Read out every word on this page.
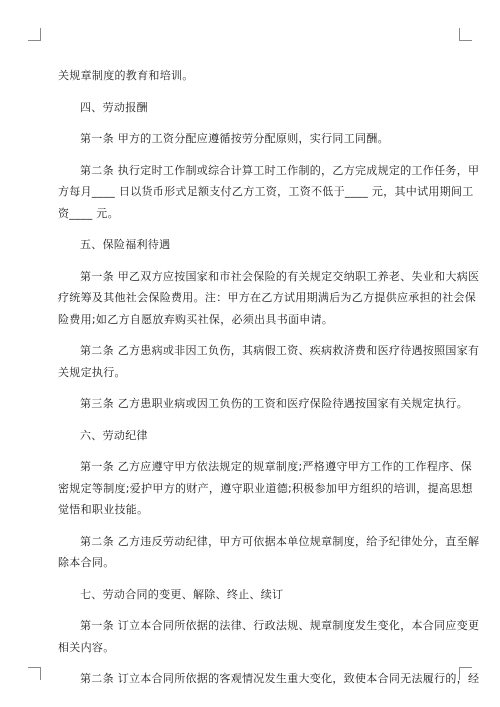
关规章制度的教育和培训。
四、劳动报酬
第一条 甲方的工资分配应遵循按劳分配原则，实行同工同酬。
第二条 执行定时工作制或综合计算工时工作制的，乙方完成规定的工作任务，甲
方每月____ 日以货币形式足额支付乙方工资，工资不低于____ 元，其中试用期间工
资____ 元。
五、保险福利待遇
第一条 甲乙双方应按国家和市社会保险的有关规定交纳职工养老、失业和大病医
疗统筹及其他社会保险费用。注：甲方在乙方试用期满后为乙方提供应承担的社会保
险费用;如乙方自愿放弃购买社保，必须出具书面申请。
第二条 乙方患病或非因工负伤，其病假工资、疾病救济费和医疗待遇按照国家有
关规定执行。
第三条 乙方患职业病或因工负伤的工资和医疗保险待遇按国家有关规定执行。
六、劳动纪律
第一条 乙方应遵守甲方依法规定的规章制度;严格遵守甲方工作的工作程序、保
密规定等制度;爱护甲方的财产，遵守职业道德;积极参加甲方组织的培训，提高思想
觉悟和职业技能。
第二条 乙方违反劳动纪律，甲方可依据本单位规章制度，给予纪律处分，直至解
除本合同。
七、劳动合同的变更、解除、终止、续订
第一条 订立本合同所依据的法律、行政法规、规章制度发生变化，本合同应变更
相关内容。
第二条 订立本合同所依据的客观情况发生重大变化，致使本合同无法履行的，经
